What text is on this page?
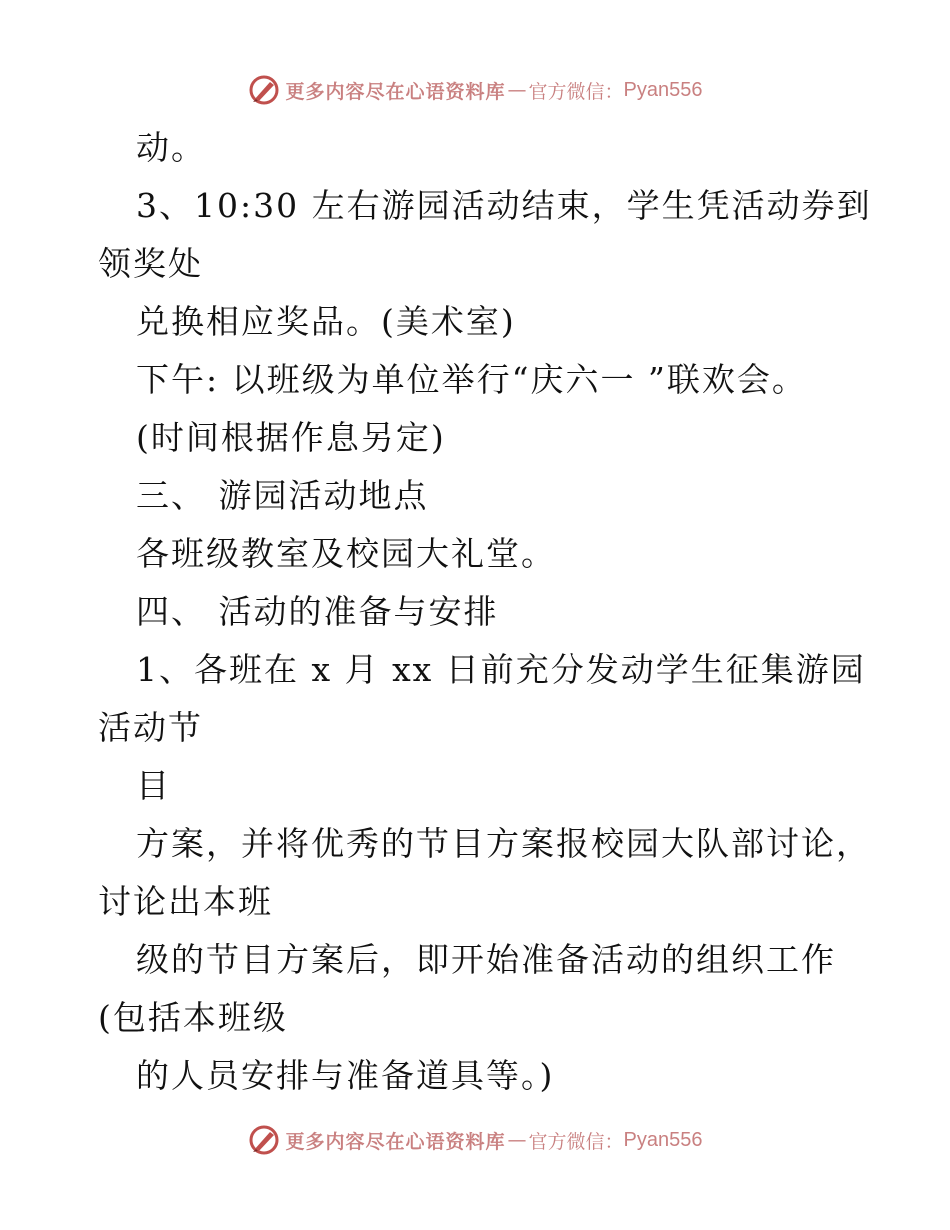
更多内容尽在心语资料库 — 官方微信： Pyan556
动。
3、10:30 左右游园活动结束，学生凭活动券到
领奖处
兑换相应奖品。(美术室)
下午: 以班级为单位举行“庆六一 ”联欢会。
(时间根据作息另定)
三、 游园活动地点
各班级教室及校园大礼堂。
四、 活动的准备与安排
1、各班在 x 月 xx 日前充分发动学生征集游园
活动节
目
方案，并将优秀的节目方案报校园大队部讨论，
讨论出本班
级的节目方案后，即开始准备活动的组织工作
(包括本班级
的人员安排与准备道具等。)
更多内容尽在心语资料库 — 官方微信： Pyan556
